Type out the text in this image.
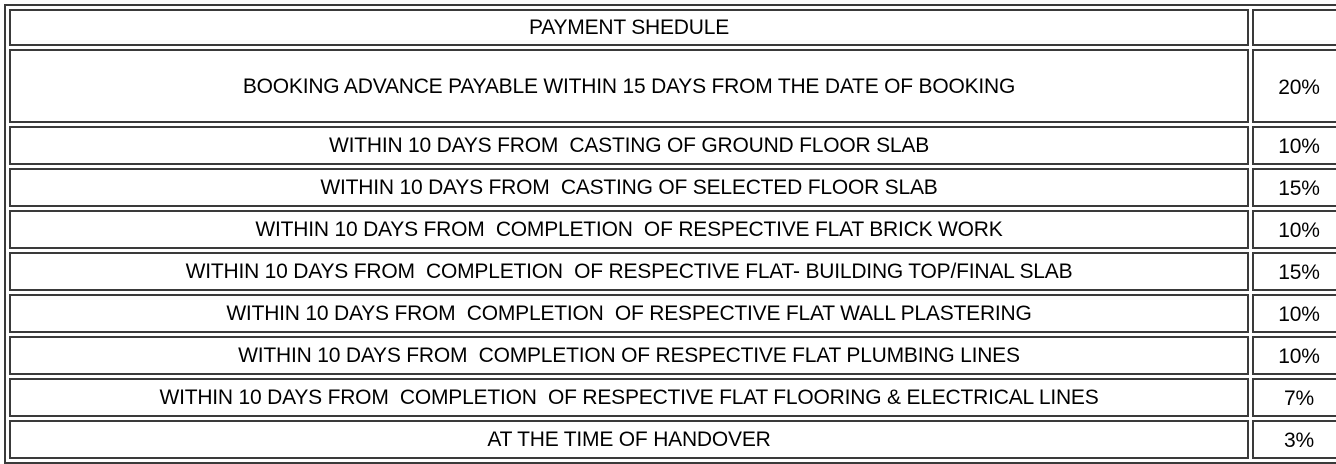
PAYMENT SHEDULE	
BOOKING ADVANCE PAYABLE WITHIN 15 DAYS FROM THE DATE OF BOOKING	20%
WITHIN 10 DAYS FROM  CASTING OF GROUND FLOOR SLAB	10%
WITHIN 10 DAYS FROM  CASTING OF SELECTED FLOOR SLAB	15%
WITHIN 10 DAYS FROM  COMPLETION  OF RESPECTIVE FLAT BRICK WORK	10%
WITHIN 10 DAYS FROM  COMPLETION  OF RESPECTIVE FLAT- BUILDING TOP/FINAL SLAB	15%
WITHIN 10 DAYS FROM  COMPLETION  OF RESPECTIVE FLAT WALL PLASTERING	10%
WITHIN 10 DAYS FROM  COMPLETION OF RESPECTIVE FLAT PLUMBING LINES	10%
WITHIN 10 DAYS FROM  COMPLETION  OF RESPECTIVE FLAT FLOORING & ELECTRICAL LINES	7%
AT THE TIME OF HANDOVER	3%
